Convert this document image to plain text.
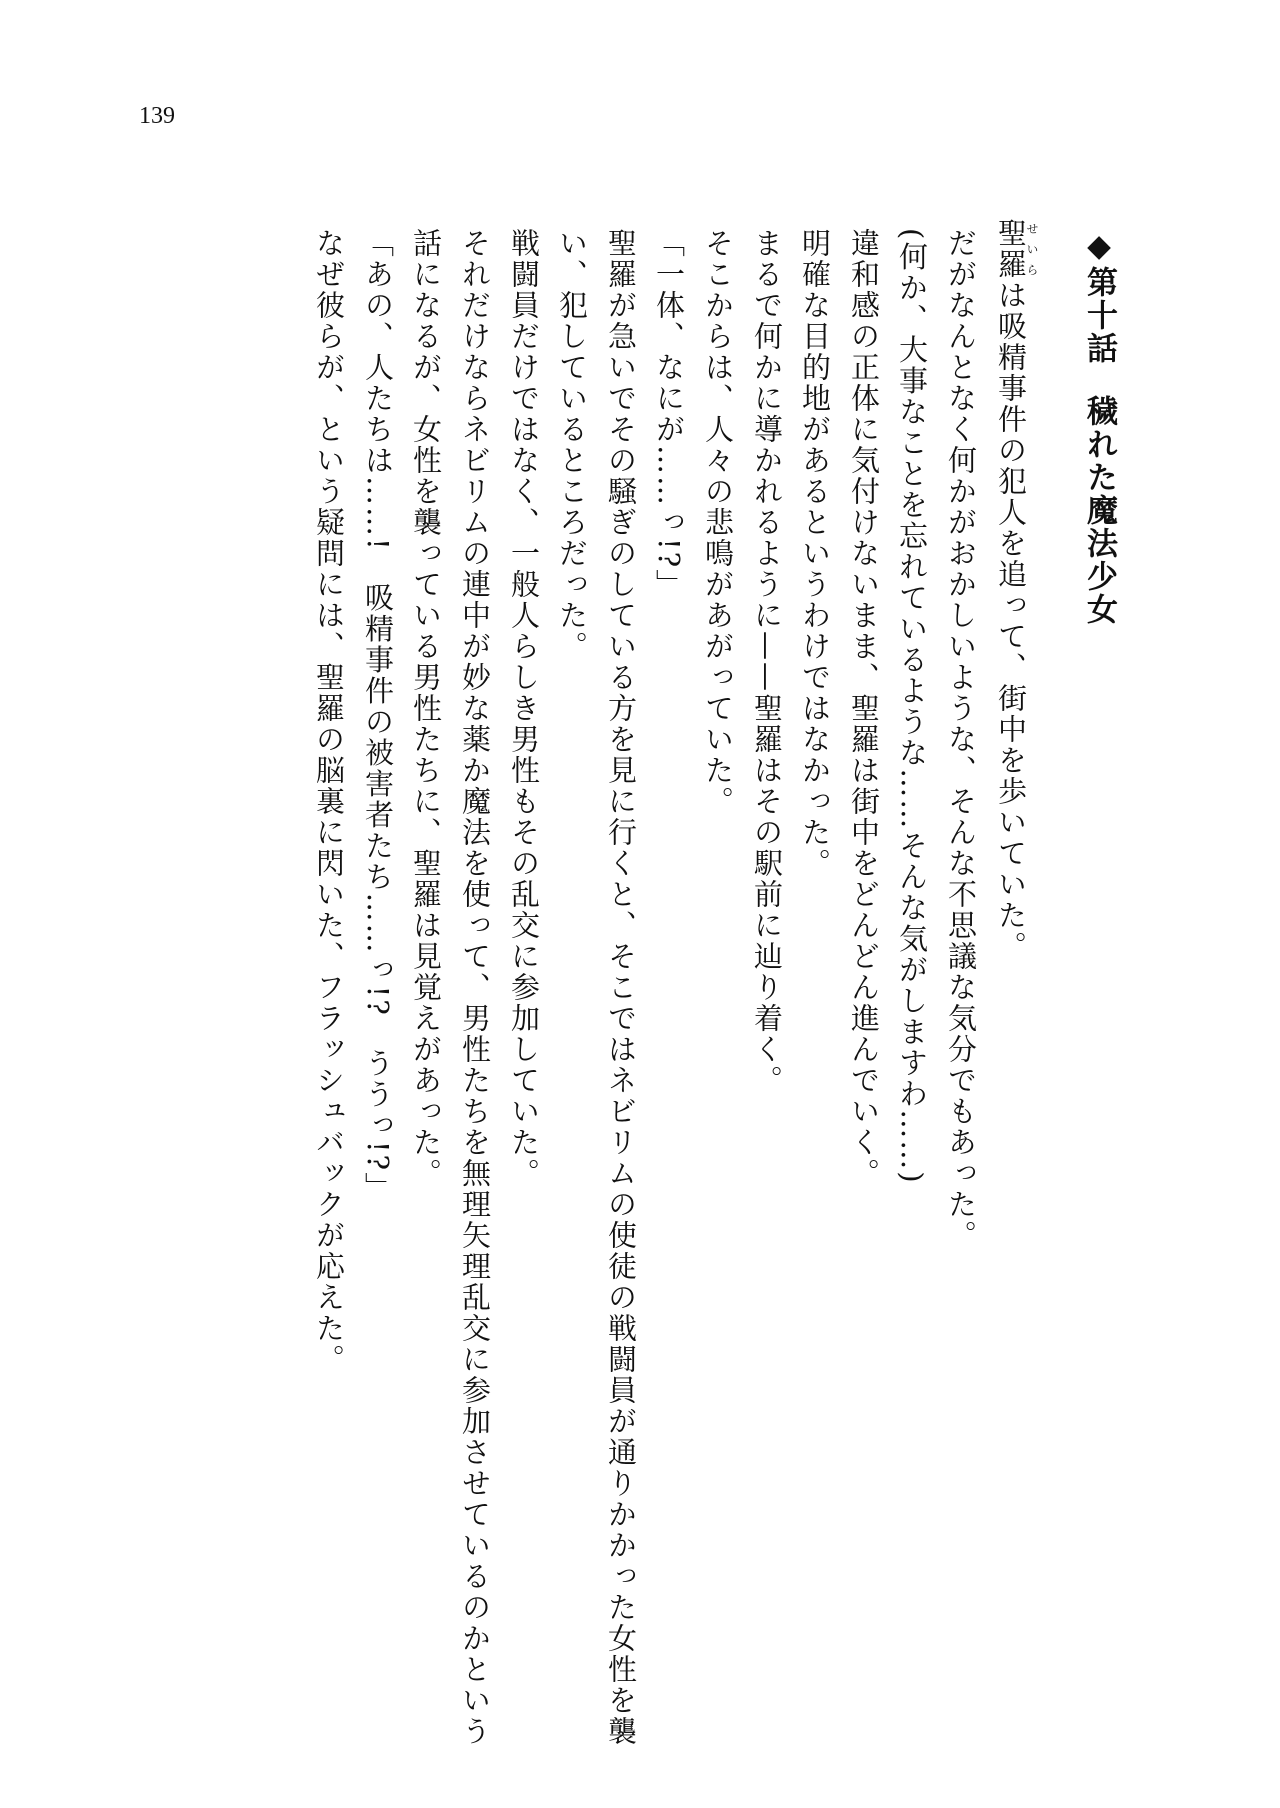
139

◆第十話穢れた魔法少女

聖羅せいらは吸精事件の犯人を追って、街中を歩いていた。

だがなんとなく何かがおかしいような、そんな不思議な気分でもあった。

(何か、大事なことを忘れているような……そんな気がしますわ……)

違和感の正体に気付けないまま、聖羅は街中をどんどん進んでいく。

明確な目的地があるというわけではなかった。

まるで何かに導かれるように——聖羅はその駅前に辿り着く。

そこからは、人々の悲鳴があがっていた。

「一体、なにが……っ!?」

聖羅が急いでその騒ぎのしている方を見に行くと、そこではネビリムの使徒の戦闘員が通りかかった女性を襲

い、犯しているところだった。

戦闘員だけではなく、一般人らしき男性もその乱交に参加していた。

それだけならネビリムの連中が妙な薬か魔法を使って、男性たちを無理矢理乱交に参加させているのかという

話になるが、女性を襲っている男性たちに、聖羅は見覚えがあった。

「あの、人たちは……!　吸精事件の被害者たち……っ!?　ううっ!?」

なぜ彼らが、という疑問には、聖羅の脳裏に閃いた、フラッシュバックが応えた。
